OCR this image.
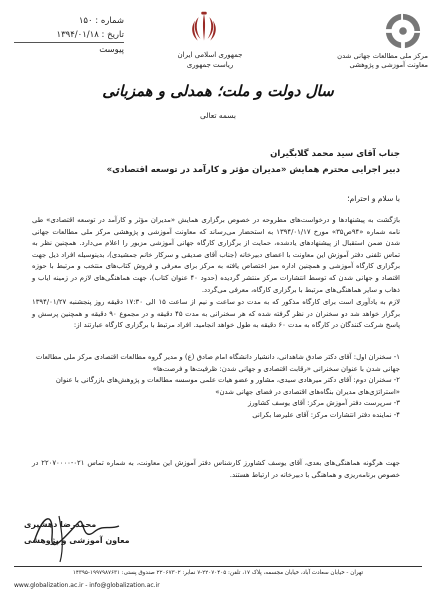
شماره : ۱۵۰
تاریخ : ۱۳۹۴/۰۱/۱۸
پیوست	جمهوری اسلامی ایران
ریاست جمهوری
مرکز ملی مطالعات جهانی شدن
معاونت آموزشی و پژوهشی
سال دولت و ملت؛ همدلی و همزبانی
بسمه تعالی
جناب آقای سید محمد گلابگیران
دبیر اجرایی محترم همایش «مدیران مؤثر و کارآمد در توسعه اقتصادی»
با سلام و احترام؛
بازگشت به پیشنهادها و درخواست‌های مطروحه در خصوص برگزاری همایش «مدیران مؤثر و کارآمد در توسعه اقتصادی» طی نامه شماره «۹۴ص۳۵» مورخ ۱۳۹۴/۰۱/۱۷ به استحضار می‌رساند که معاونت آموزشی و پژوهشی مرکز ملی مطالعات جهانی شدن ضمن استقبال از پیشنهادهای یادشده، حمایت از برگزاری کارگاه جهانی آموزشی مزبور را اعلام می‌دارد. همچنین نظر به تماس تلفنی دفتر آموزش این معاونت با اعضای دبیرخانه (جناب آقای صدیقی و سرکار خانم جمشیدی)، بدینوسیله افراد ذیل جهت برگزاری کارگاه آموزشی و همچنین اداره میز اختصاص یافته به مرکز برای معرفی و فروش کتاب‌های منتخب و مرتبط با حوزه اقتصاد و جهانی شدن که توسط انتشارات مرکز منتشر گردیده (حدود ۴۰ عنوان کتاب)، جهت هماهنگی‌های لازم در زمینه ایاب و ذهاب و سایر هماهنگی‌های مرتبط با برگزاری کارگاه، معرفی می‌گردد.
لازم به یادآوری است برای کارگاه مذکور که به مدت دو ساعت و نیم از ساعت ۱۵ الی ۱۷:۳۰ دقیقه روز پنجشنبه ۱۳۹۴/۰۱/۲۷ برگزار خواهد شد دو سخنران در نظر گرفته شده که هر سخنرانی به مدت ۴۵ دقیقه و در مجموع ۹۰ دقیقه و همچنین پرسش و پاسخ شرکت کنندگان در کارگاه به مدت ۶۰ دقیقه به طول خواهد انجامید. افراد مرتبط با برگزاری کارگاه عبارتند از:
۱- سخنران اول: آقای دکتر صادق شاهدانی، دانشیار دانشگاه امام صادق (ع) و مدیر گروه مطالعات اقتصادی مرکز ملی مطالعات جهانی شدن با عنوان سخنرانی «رقابت اقتصادی و جهانی شدن: ظرفیت‌ها و فرصت‌ها»
۲- سخنران دوم: آقای دکتر میرهادی سیدی، مشاور و عضو هیات علمی موسسه مطالعات و پژوهش‌های بازرگانی با عنوان «استراتژی‌های مدیران بنگاه‌های اقتصادی در فضای جهانی شدن»
۳- سرپرست دفتر آموزش مرکز: آقای یوسف کشاورز
۴- نماینده دفتر انتشارات مرکز: آقای علیرضا بکرانی
جهت هرگونه هماهنگی‌های بعدی، آقای یوسف کشاورز کارشناس دفتر آموزش این معاونت، به شماره تماس ۰۲۱-۲۲۰۷۰۰۰۰ در خصوص برنامه‌ریزی و هماهنگی با دبیرخانه در ارتباط هستند.
محمدرضا دهشیری
معاون آموزشی و پژوهشی
تهران - خیابان سعادت آباد، خیابان مجسمه، پلاک ۱۷، تلفن: ۲۲۰۷۰۴۰۵-۷ نمابر: ۲۲۰۶۷۳۰۲ صندوق پستی: ۱۹۹۷۹۸۷۶۳۱-۱۴۳۹۵
www.globalization.ac.ir - info@globalization.ac.ir
